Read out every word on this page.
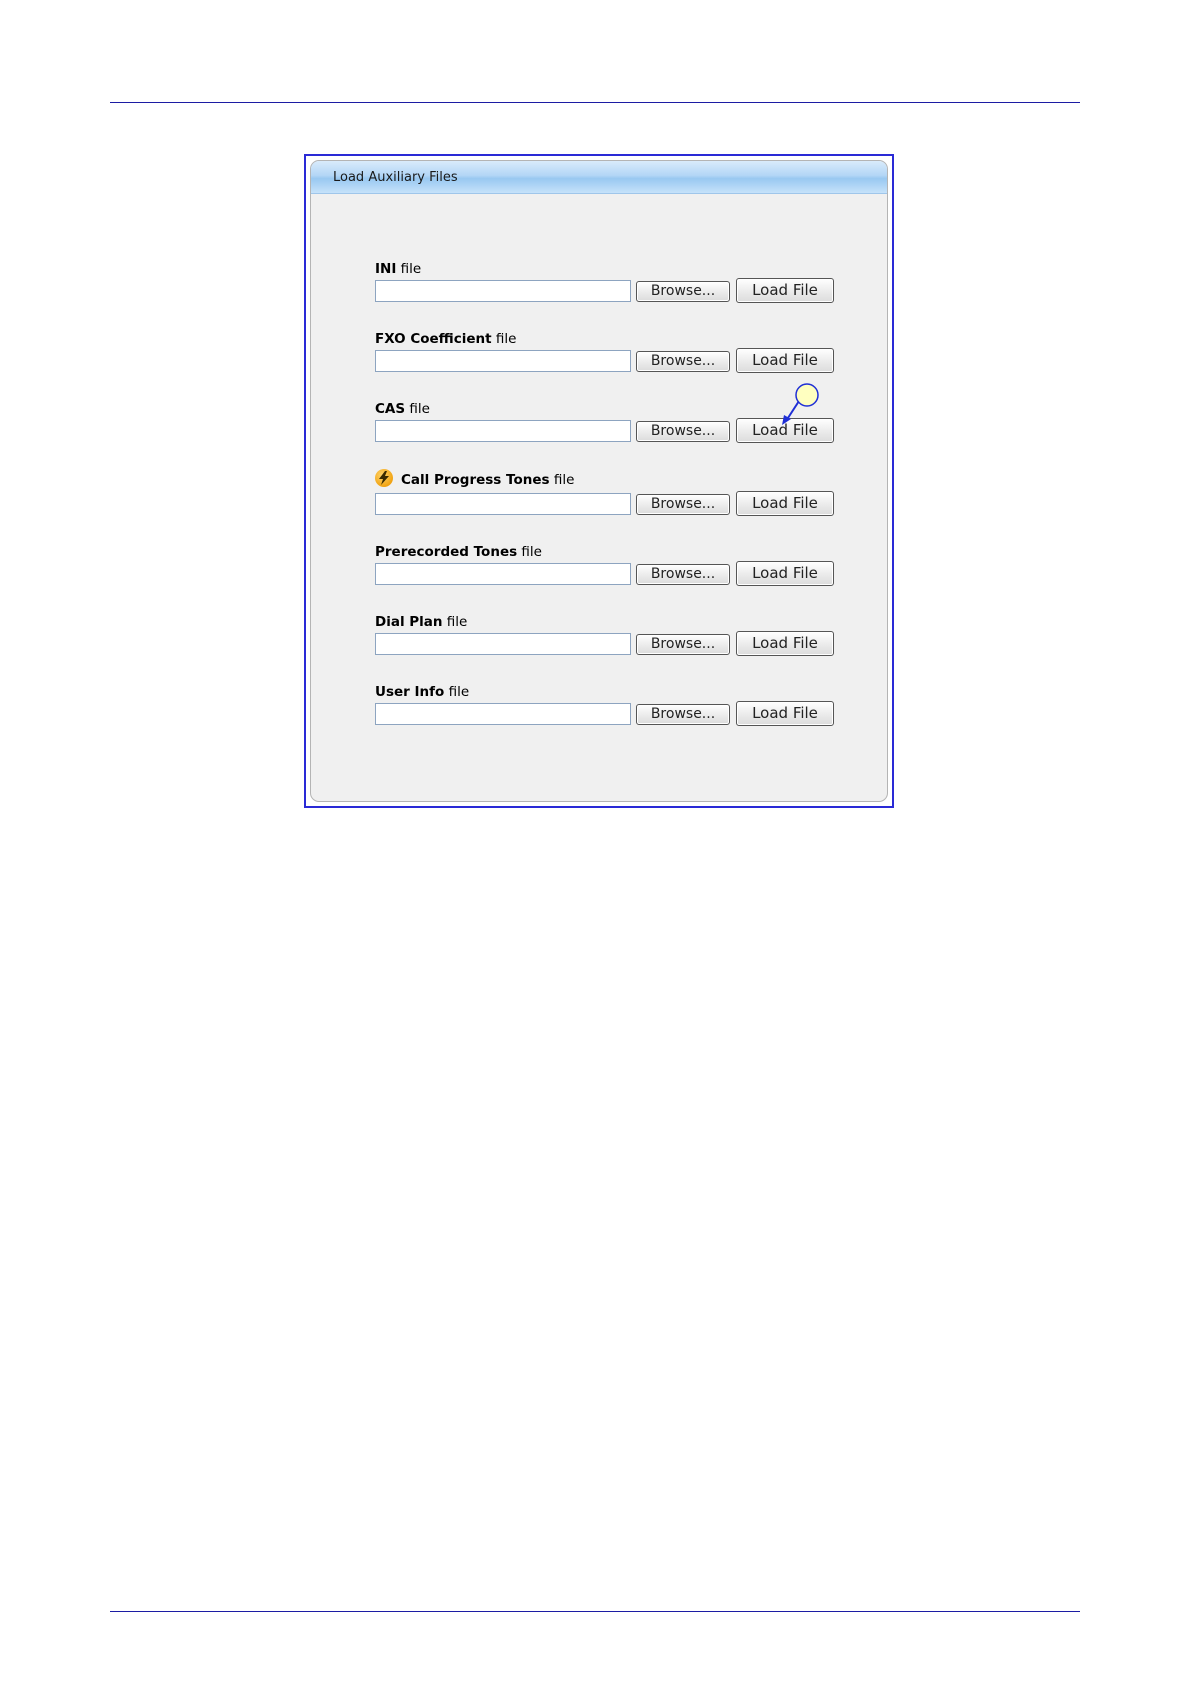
Load Auxiliary Files
INI file
Browse...	Load File
FXO Coefficient file
Browse...	Load File
CAS file
Browse...	Load File
Call Progress Tones file
Browse...	Load File
Prerecorded Tones file
Browse...	Load File
Dial Plan file
Browse...	Load File
User Info file
Browse...	Load File
